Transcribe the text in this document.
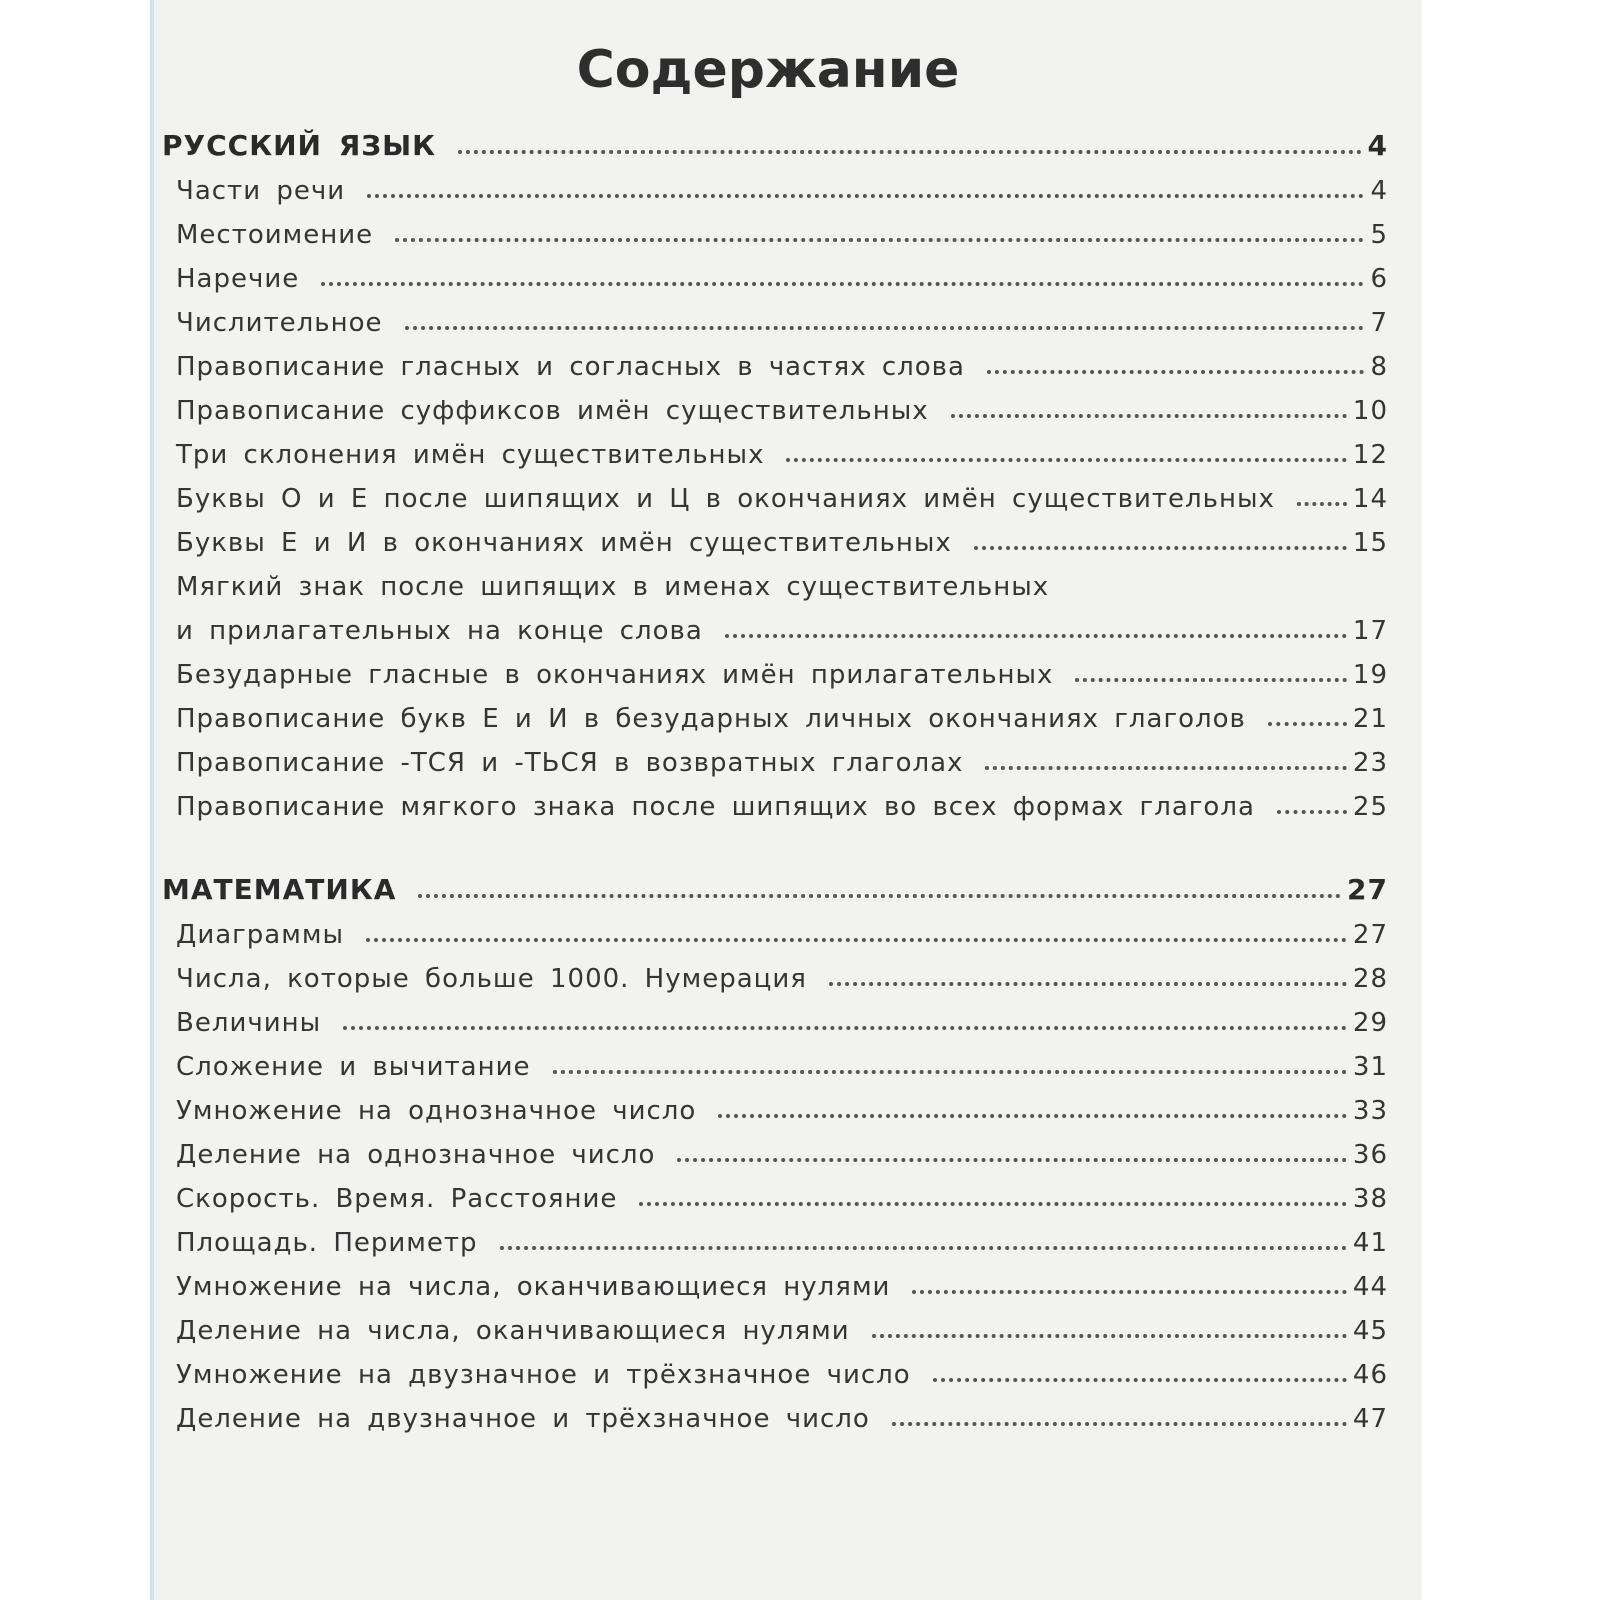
Содержание
РУССКИЙ ЯЗЫК	4
Части речи	4
Местоимение	5
Наречие	6
Числительное	7
Правописание гласных и согласных в частях слова	8
Правописание суффиксов имён существительных	10
Три склонения имён существительных	12
Буквы О и Е после шипящих и Ц в окончаниях имён существительных	14
Буквы Е и И в окончаниях имён существительных	15
Мягкий знак после шипящих в именах существительных
и прилагательных на конце слова	17
Безударные гласные в окончаниях имён прилагательных	19
Правописание букв Е и И в безударных личных окончаниях глаголов	21
Правописание -ТСЯ и -ТЬСЯ в возвратных глаголах	23
Правописание мягкого знака после шипящих во всех формах глагола	25
МАТЕМАТИКА	27
Диаграммы	27
Числа, которые больше 1000. Нумерация	28
Величины	29
Сложение и вычитание	31
Умножение на однозначное число	33
Деление на однозначное число	36
Скорость. Время. Расстояние	38
Площадь. Периметр	41
Умножение на числа, оканчивающиеся нулями	44
Деление на числа, оканчивающиеся нулями	45
Умножение на двузначное и трёхзначное число	46
Деление на двузначное и трёхзначное число	47
